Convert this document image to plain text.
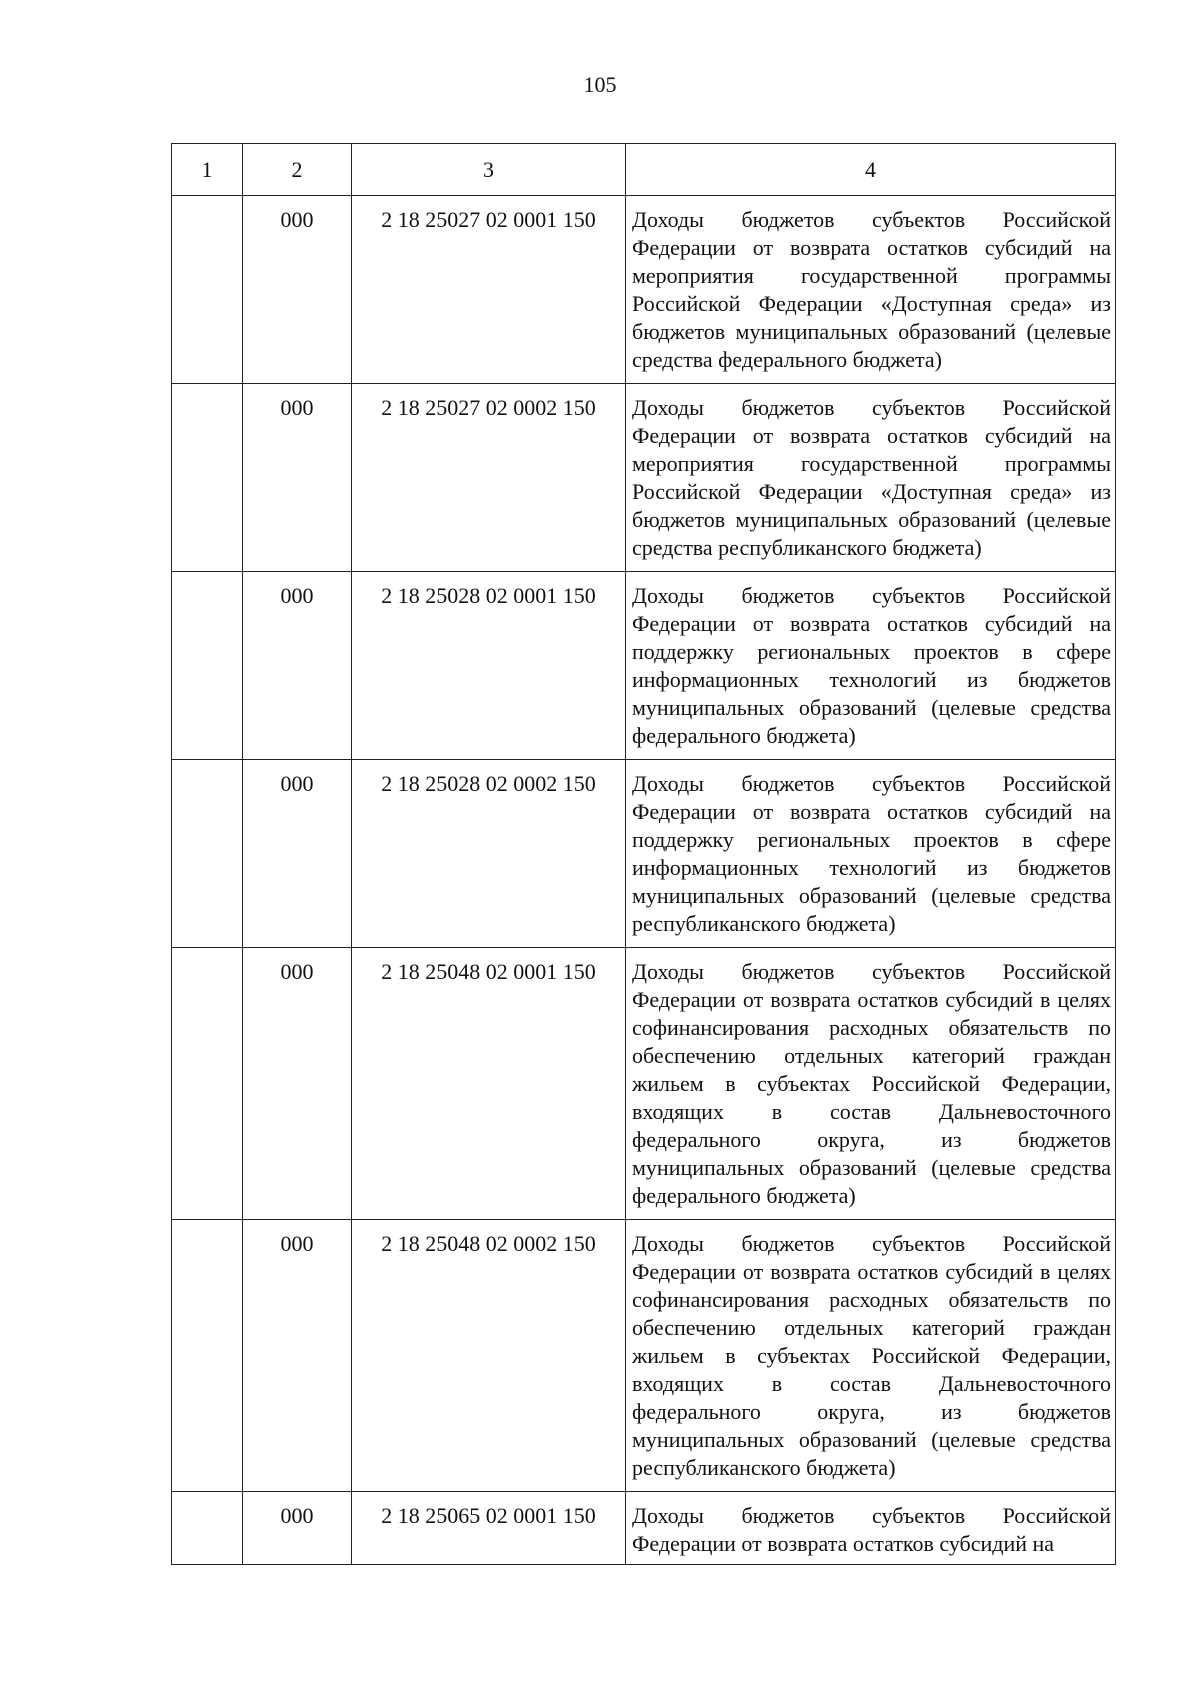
105
1	2	3	4
	000	2 18 25027 02 0001 150	Доходы бюджетов субъектов Российской Федерации от возврата остатков субсидий на мероприятия государственной программы Российской Федерации «Доступная среда» из бюджетов муниципальных образований (целевые средства федерального бюджета)
	000	2 18 25027 02 0002 150	Доходы бюджетов субъектов Российской Федерации от возврата остатков субсидий на мероприятия государственной программы Российской Федерации «Доступная среда» из бюджетов муниципальных образований (целевые средства республиканского бюджета)
	000	2 18 25028 02 0001 150	Доходы бюджетов субъектов Российской Федерации от возврата остатков субсидий на поддержку региональных проектов в сфере информационных технологий из бюджетов муниципальных образований (целевые средства федерального бюджета)
	000	2 18 25028 02 0002 150	Доходы бюджетов субъектов Российской Федерации от возврата остатков субсидий на поддержку региональных проектов в сфере информационных технологий из бюджетов муниципальных образований (целевые средства республиканского бюджета)
	000	2 18 25048 02 0001 150	Доходы бюджетов субъектов Российской Федерации от возврата остатков субсидий в целях софинансирования расходных обязательств по обеспечению отдельных категорий граждан жильем в субъектах Российской Федерации, входящих в состав Дальневосточного федерального округа, из бюджетов муниципальных образований (целевые средства федерального бюджета)
	000	2 18 25048 02 0002 150	Доходы бюджетов субъектов Российской Федерации от возврата остатков субсидий в целях софинансирования расходных обязательств по обеспечению отдельных категорий граждан жильем в субъектах Российской Федерации, входящих в состав Дальневосточного федерального округа, из бюджетов муниципальных образований (целевые средства республиканского бюджета)
	000	2 18 25065 02 0001 150	Доходы бюджетов субъектов Российской Федерации от возврата остатков субсидий на
